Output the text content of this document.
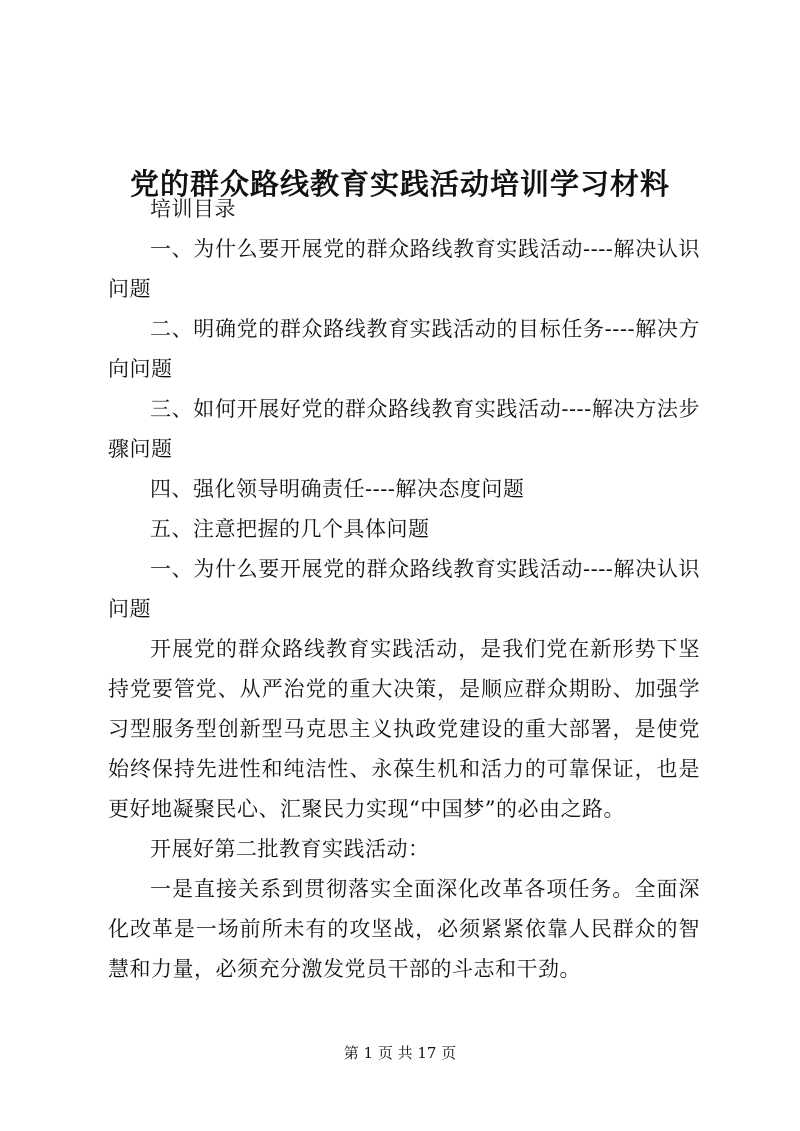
党的群众路线教育实践活动培训学习材料

培训目录

一、为什么要开展党的群众路线教育实践活动----解决认识问题

二、明确党的群众路线教育实践活动的目标任务----解决方向问题

三、如何开展好党的群众路线教育实践活动----解决方法步骤问题

四、强化领导明确责任----解决态度问题

五、注意把握的几个具体问题

一、为什么要开展党的群众路线教育实践活动----解决认识问题

开展党的群众路线教育实践活动，是我们党在新形势下坚持党要管党、从严治党的重大决策，是顺应群众期盼、加强学习型服务型创新型马克思主义执政党建设的重大部署，是使党始终保持先进性和纯洁性、永葆生机和活力的可靠保证，也是更好地凝聚民心、汇聚民力实现“中国梦”的必由之路。

开展好第二批教育实践活动：

一是直接关系到贯彻落实全面深化改革各项任务。全面深化改革是一场前所未有的攻坚战，必须紧紧依靠人民群众的智慧和力量，必须充分激发党员干部的斗志和干劲。

第 1 页 共 17 页
